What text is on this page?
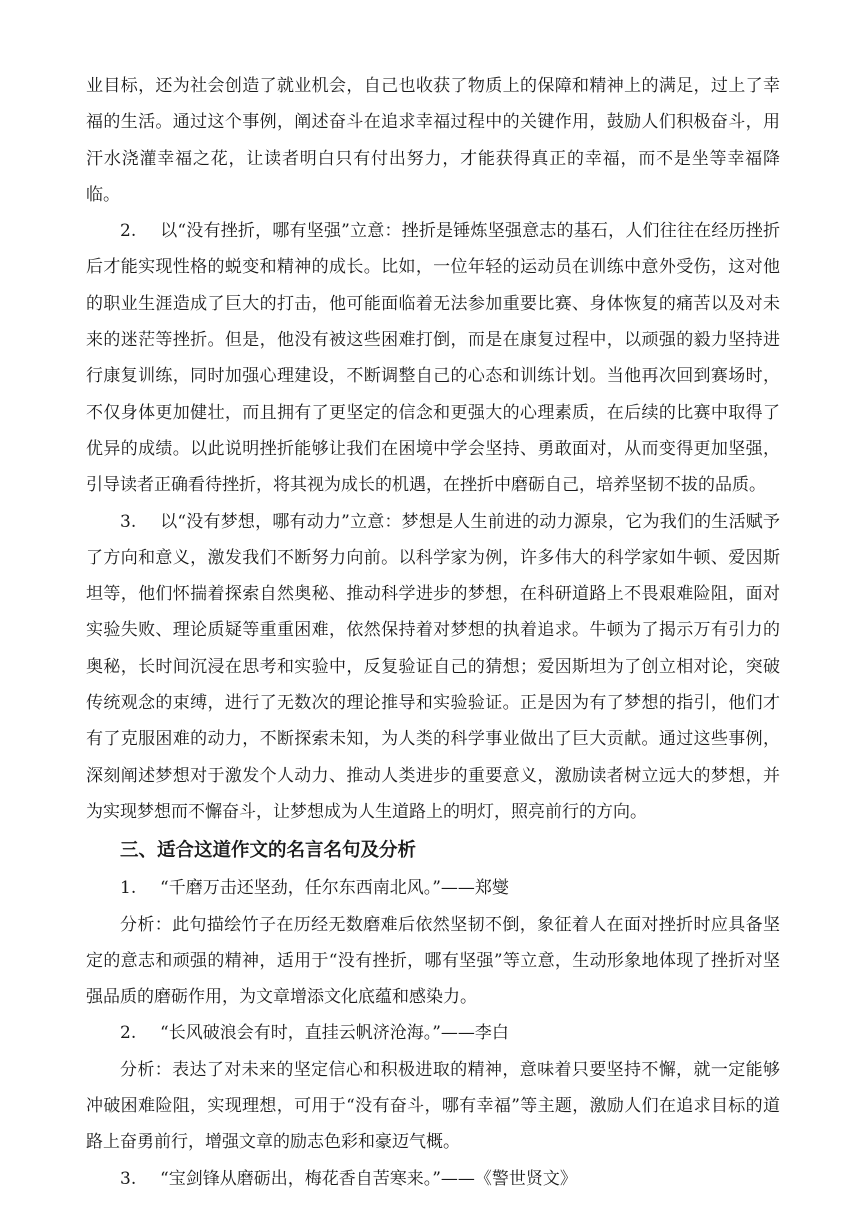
业目标，还为社会创造了就业机会，自己也收获了物质上的保障和精神上的满足，过上了幸福的生活。通过这个事例，阐述奋斗在追求幸福过程中的关键作用，鼓励人们积极奋斗，用汗水浇灌幸福之花，让读者明白只有付出努力，才能获得真正的幸福，而不是坐等幸福降临。

2. 以“没有挫折，哪有坚强”立意：挫折是锤炼坚强意志的基石，人们往往在经历挫折后才能实现性格的蜕变和精神的成长。比如，一位年轻的运动员在训练中意外受伤，这对他的职业生涯造成了巨大的打击，他可能面临着无法参加重要比赛、身体恢复的痛苦以及对未来的迷茫等挫折。但是，他没有被这些困难打倒，而是在康复过程中，以顽强的毅力坚持进行康复训练，同时加强心理建设，不断调整自己的心态和训练计划。当他再次回到赛场时，不仅身体更加健壮，而且拥有了更坚定的信念和更强大的心理素质，在后续的比赛中取得了优异的成绩。以此说明挫折能够让我们在困境中学会坚持、勇敢面对，从而变得更加坚强，引导读者正确看待挫折，将其视为成长的机遇，在挫折中磨砺自己，培养坚韧不拔的品质。

3. 以“没有梦想，哪有动力”立意：梦想是人生前进的动力源泉，它为我们的生活赋予了方向和意义，激发我们不断努力向前。以科学家为例，许多伟大的科学家如牛顿、爱因斯坦等，他们怀揣着探索自然奥秘、推动科学进步的梦想，在科研道路上不畏艰难险阻，面对实验失败、理论质疑等重重困难，依然保持着对梦想的执着追求。牛顿为了揭示万有引力的奥秘，长时间沉浸在思考和实验中，反复验证自己的猜想；爱因斯坦为了创立相对论，突破传统观念的束缚，进行了无数次的理论推导和实验验证。正是因为有了梦想的指引，他们才有了克服困难的动力，不断探索未知，为人类的科学事业做出了巨大贡献。通过这些事例，深刻阐述梦想对于激发个人动力、推动人类进步的重要意义，激励读者树立远大的梦想，并为实现梦想而不懈奋斗，让梦想成为人生道路上的明灯，照亮前行的方向。

三、适合这道作文的名言名句及分析

1. “千磨万击还坚劲，任尔东西南北风。”——郑燮

分析：此句描绘竹子在历经无数磨难后依然坚韧不倒，象征着人在面对挫折时应具备坚定的意志和顽强的精神，适用于“没有挫折，哪有坚强”等立意，生动形象地体现了挫折对坚强品质的磨砺作用，为文章增添文化底蕴和感染力。

2. “长风破浪会有时，直挂云帆济沧海。”——李白

分析：表达了对未来的坚定信心和积极进取的精神，意味着只要坚持不懈，就一定能够冲破困难险阻，实现理想，可用于“没有奋斗，哪有幸福”等主题，激励人们在追求目标的道路上奋勇前行，增强文章的励志色彩和豪迈气概。

3. “宝剑锋从磨砺出，梅花香自苦寒来。”——《警世贤文》
